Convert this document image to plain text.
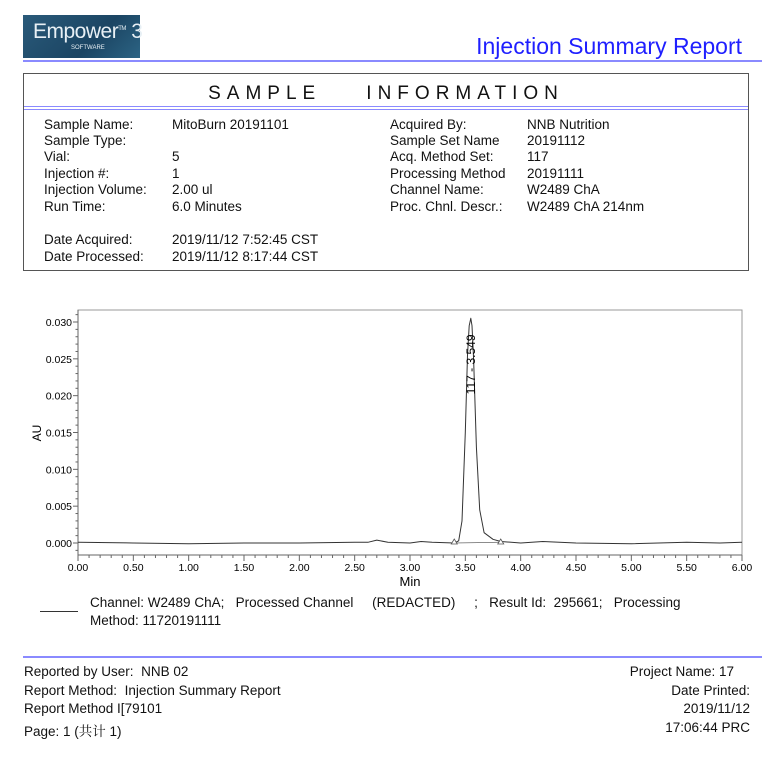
Empower™ 3
SOFTWARE	Injection Summary Report
SAMPLE    INFORMATION
Sample Name:	MitoBurn 20191101
Sample Type:
Vial:	5
Injection #:	1
Injection Volume: 2.00 ul
Run Time:	6.0 Minutes
Date Acquired:	2019/11/12 7:52:45 CST
Date Processed: 2019/11/12 8:17:44 CST
Acquired By:	NNB Nutrition
Sample Set Name 20191112
Acq. Method Set: 117
Processing Method 20191111
Channel Name:	W2489 ChA
Proc. Chnl. Descr.: W2489 ChA 214nm
0.00	0.50	1.00	1.50	2.00	2.50	3.00	3.50	4.00	4.50	5.00	5.50	6.00
0.000
0.005
0.010
0.015
0.020
0.025
0.030
Min
AU
117 - 3.549
Channel: W2489 ChA;   Processed Channel     (REDACTED)     ;   Result Id:  295661;   Processing
Method: 11720191111
Reported by User: NNB 02
Report Method: Injection Summary Report
Report Method I[79101
Page: 1 (共计 1)
Project Name: 17
Date Printed:
2019/11/12
17:06:44 PRC
